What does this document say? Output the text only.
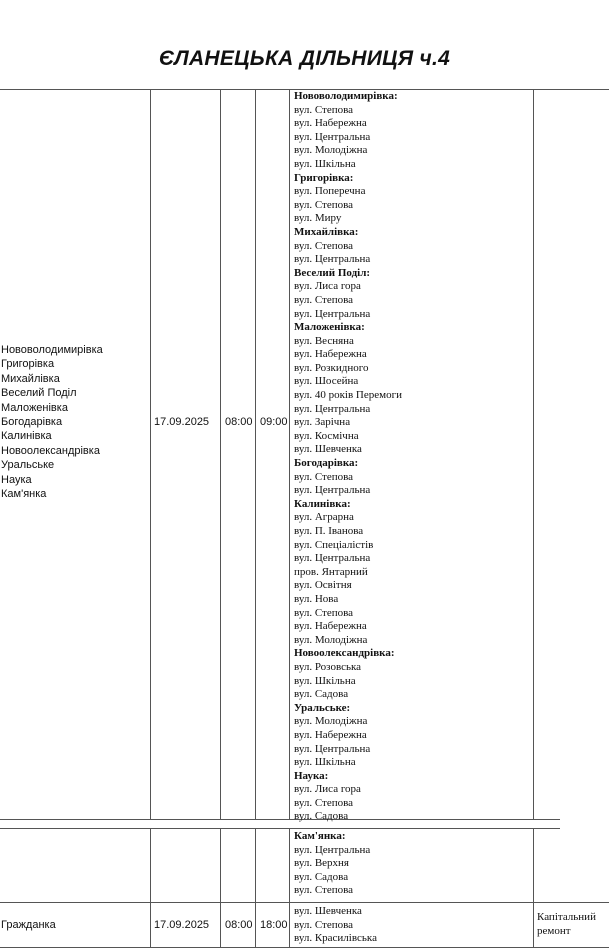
ЄЛАНЕЦЬКА ДІЛЬНИЦЯ ч.4
Нововолодимирівка
Григорівка
Михайлівка
Веселий Поділ
Маложенівка
Богодарівка
Калинівка
Новоолександрівка
Уральське
Наука
Кам'янка
17.09.2025 08:00 09:00
Нововолодимирівка:
вул. Степова
вул. Набережна
вул. Центральна
вул. Молодіжна
вул. Шкільна
Григорівка:
вул. Поперечна
вул. Степова
вул. Миру
Михайлівка:
вул. Степова
вул. Центральна
Веселий Поділ:
вул. Лиса гора
вул. Степова
вул. Центральна
Маложенівка:
вул. Весняна
вул. Набережна
вул. Розкидного
вул. Шосейна
вул. 40 років Перемоги
вул. Центральна
вул. Зарічна
вул. Космічна
вул. Шевченка
Богодарівка:
вул. Степова
вул. Центральна
Калинівка:
вул. Аграрна
вул. П. Іванова
вул. Спеціалістів
вул. Центральна
пров. Янтарний
вул. Освітня
вул. Нова
вул. Степова
вул. Набережна
вул. Молодіжна
Новоолександрівка:
вул. Розовська
вул. Шкільна
вул. Садова
Уральське:
вул. Молодіжна
вул. Набережна
вул. Центральна
вул. Шкільна
Наука:
вул. Лиса гора
вул. Степова
вул. Садова
Кам'янка:
вул. Центральна
вул. Верхня
вул. Садова
вул. Степова
Гражданка	17.09.2025 08:00 18:00
вул. Шевченка
вул. Степова
вул. Красилівська
Капітальний
ремонт
